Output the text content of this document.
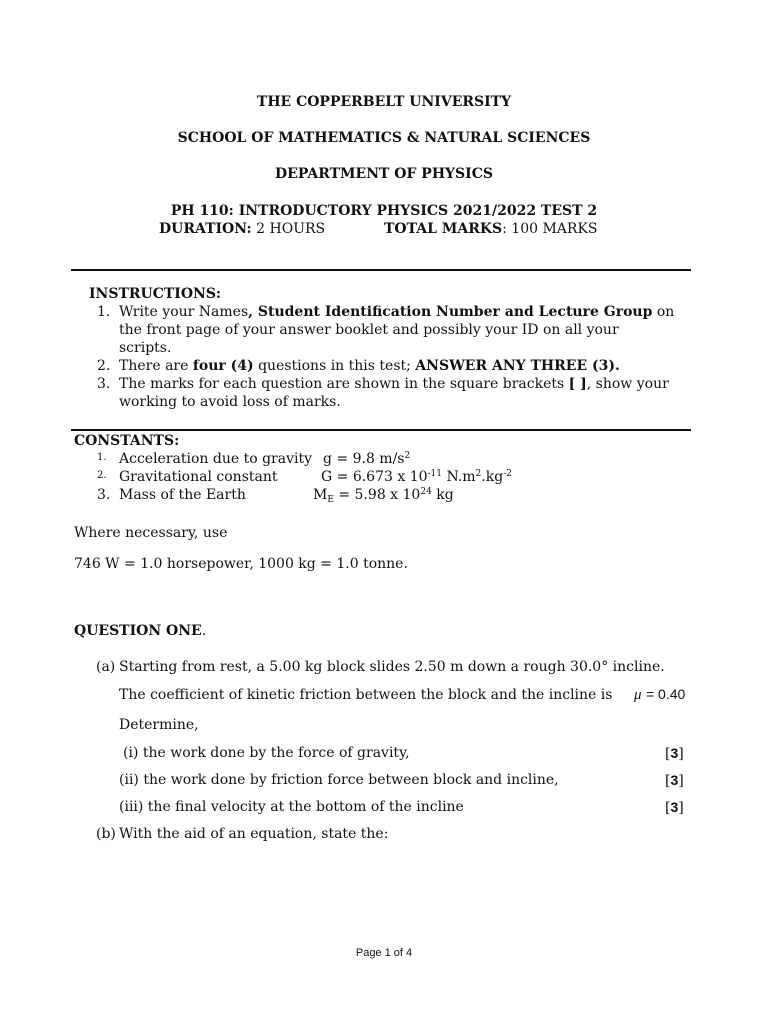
THE COPPERBELT UNIVERSITY
SCHOOL OF MATHEMATICS & NATURAL SCIENCES
DEPARTMENT OF PHYSICS
PH 110: INTRODUCTORY PHYSICS 2021/2022 TEST 2
DURATION: 2 HOURS	TOTAL MARKS: 100 MARKS
INSTRUCTIONS:
1. Write your Names, Student Identification Number and Lecture Group on
the front page of your answer booklet and possibly your ID on all your
scripts.
2. There are four (4) questions in this test; ANSWER ANY THREE (3).
3. The marks for each question are shown in the square brackets [ ], show your
working to avoid loss of marks.
CONSTANTS:
1. Acceleration due to gravity g = 9.8 $m/s^2$
2. Gravitational constant	G = 6.673 x $10^{-11}$ $N.m^2.kg^{-2}$
3. Mass of the Earth	$M_E = 5.98$ x $10^{24}$ kg
Where necessary, use
746 W = 1.0 horsepower, 1000 kg = 1.0 tonne.
QUESTION ONE.
(a) Starting from rest, a 5.00 kg block slides 2.50 m down a rough 30.0° incline.
The coefficient of kinetic friction between the block and the incline is μ = 0.40
Determine,
(i) the work done by the force of gravity,	[3]
(ii) the work done by friction force between block and incline,	[3]
(iii) the final velocity at the bottom of the incline	[3]
(b) With the aid of an equation, state the:
Page 1 of 4
